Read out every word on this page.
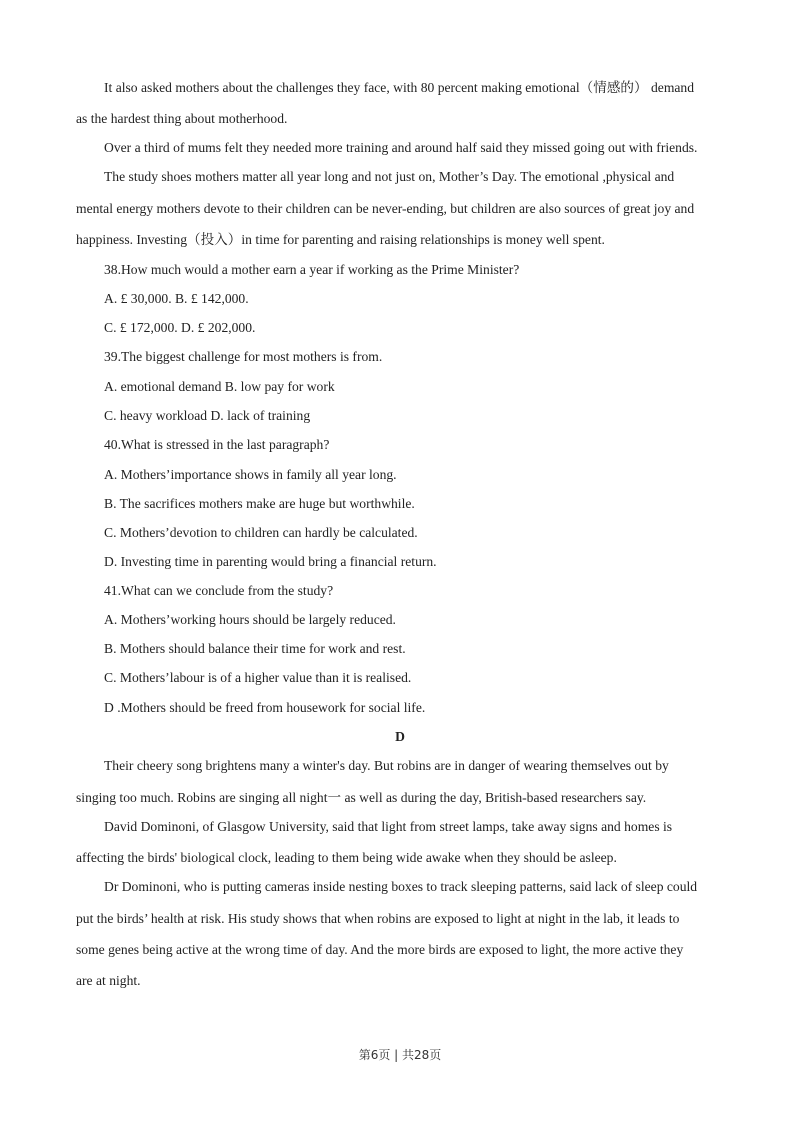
It also asked mothers about the challenges they face, with 80 percent making emotional（情感的） demand
as the hardest thing about motherhood.
Over a third of mums felt they needed more training and around half said they missed going out with friends.
The study shoes mothers matter all year long and not just on, Mother’s Day. The emotional ,physical and
mental energy mothers devote to their children can be never-ending, but children are also sources of great joy and
happiness. Investing（投入）in time for parenting and raising relationships is money well spent.
38.How much would a mother earn a year if working as the Prime Minister?
A. £ 30,000. B. £ 142,000.
C. £ 172,000. D. £ 202,000.
39.The biggest challenge for most mothers is from.
A. emotional demand B. low pay for work
C. heavy workload D. lack of training
40.What is stressed in the last paragraph?
A. Mothers’importance shows in family all year long.
B. The sacrifices mothers make are huge but worthwhile.
C. Mothers’devotion to children can hardly be calculated.
D. Investing time in parenting would bring a financial return.
41.What can we conclude from the study?
A. Mothers’working hours should be largely reduced.
B. Mothers should balance their time for work and rest.
C. Mothers’labour is of a higher value than it is realised.
D .Mothers should be freed from housework for social life.
D
Their cheery song brightens many a winter's day. But robins are in danger of wearing themselves out by
singing too much. Robins are singing all night一 as well as during the day, British-based researchers say.
David Dominoni, of Glasgow University, said that light from street lamps, take away signs and homes is
affecting the birds' biological clock, leading to them being wide awake when they should be asleep.
Dr Dominoni, who is putting cameras inside nesting boxes to track sleeping patterns, said lack of sleep could
put the birds’ health at risk. His study shows that when robins are exposed to light at night in the lab, it leads to
some genes being active at the wrong time of day. And the more birds are exposed to light, the more active they
are at night.
第6页 | 共28页
